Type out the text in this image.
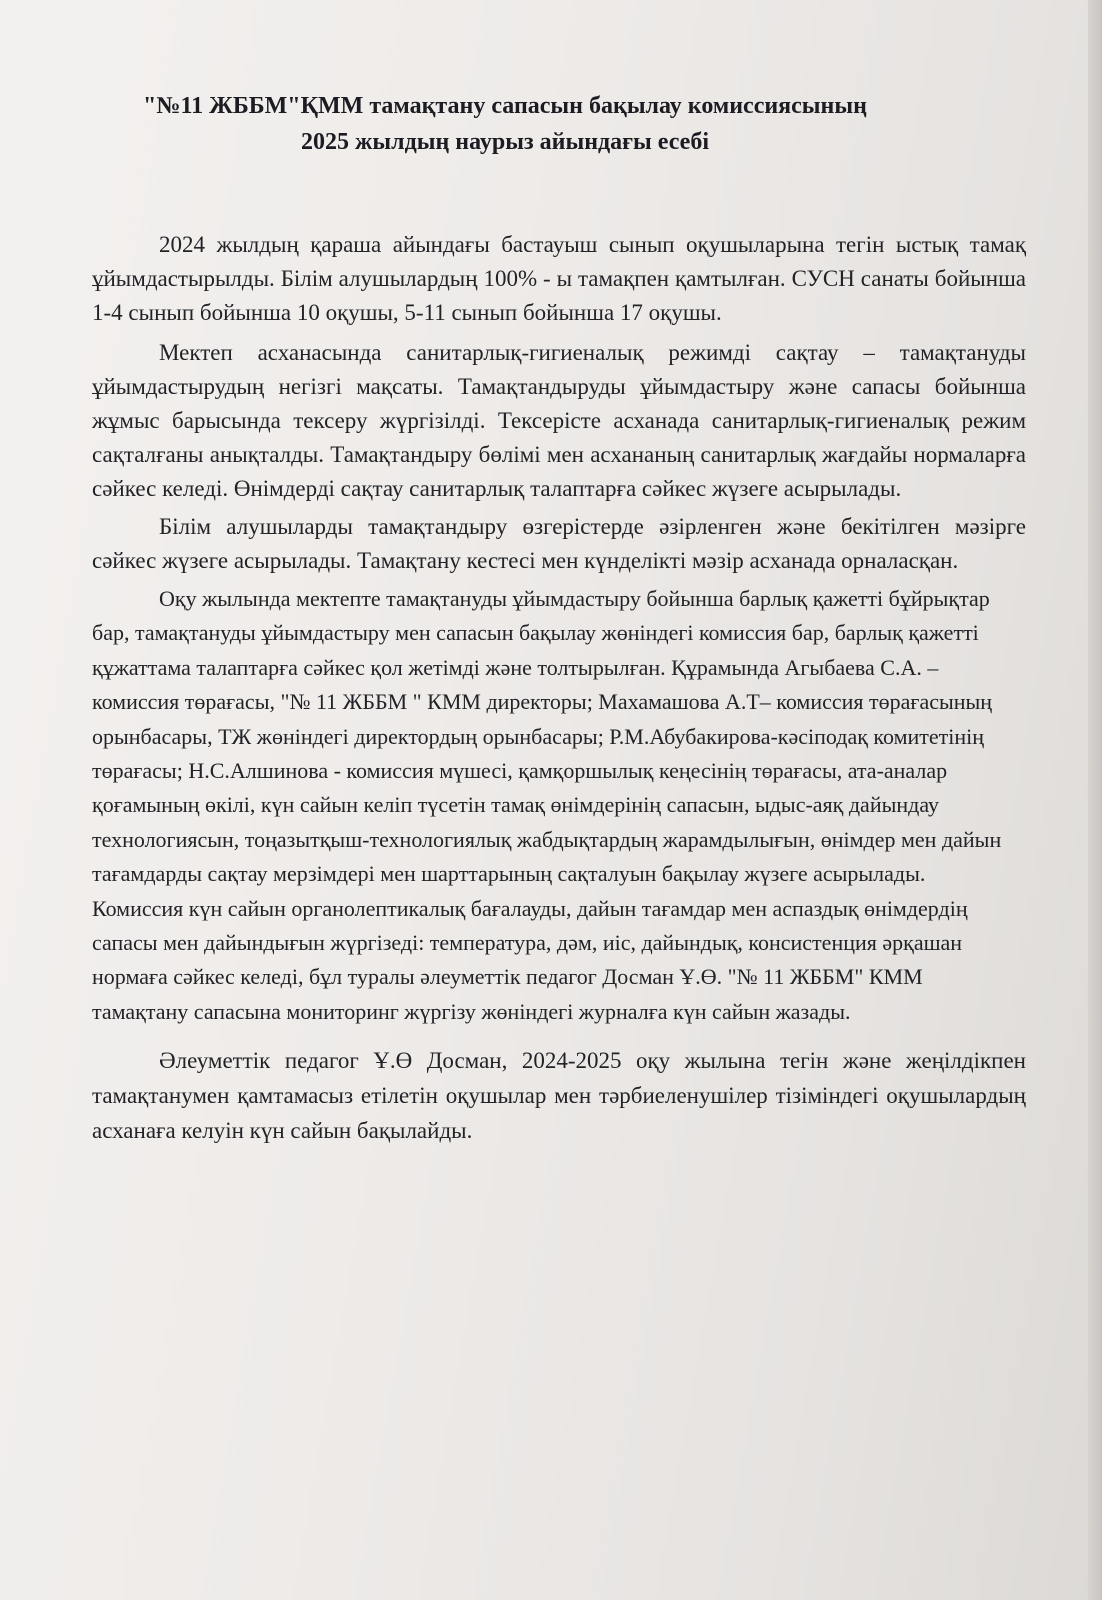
"№11 ЖББМ"ҚММ тамақтану сапасын бақылау комиссиясының
2025 жылдың наурыз айындағы есебі

2024 жылдың қараша айындағы бастауыш сынып оқушыларына тегін ыстық тамақ ұйымдастырылды. Білім алушылардың 100% - ы тамақпен қамтылған. СУСН санаты бойынша 1-4 сынып бойынша 10 оқушы, 5-11 сынып бойынша 17 оқушы.

Мектеп асханасында санитарлық-гигиеналық режимді сақтау – тамақтануды ұйымдастырудың негізгі мақсаты. Тамақтандыруды ұйымдастыру және сапасы бойынша жұмыс барысында тексеру жүргізілді. Тексерісте асханада санитарлық-гигиеналық режим сақталғаны анықталды. Тамақтандыру бөлімі мен асхананың санитарлық жағдайы нормаларға сәйкес келеді. Өнімдерді сақтау санитарлық талаптарға сәйкес жүзеге асырылады.

Білім алушыларды тамақтандыру өзгерістерде әзірленген және бекітілген мәзірге сәйкес жүзеге асырылады. Тамақтану кестесі мен күнделікті мәзір асханада орналасқан.

Оқу жылында мектепте тамақтануды ұйымдастыру бойынша барлық қажетті бұйрықтар бар, тамақтануды ұйымдастыру мен сапасын бақылау жөніндегі комиссия бар, барлық қажетті құжаттама талаптарға сәйкес қол жетімді және толтырылған. Құрамында Агыбаева С.А. – комиссия төрағасы, "№ 11 ЖББМ " КММ директоры; Махамашова А.Т– комиссия төрағасының орынбасары, ТЖ жөніндегі директордың орынбасары; Р.М.Абубакирова-кәсіподақ комитетінің төрағасы; Н.С.Алшинова - комиссия мүшесі, қамқоршылық кеңесінің төрағасы, ата-аналар қоғамының өкілі, күн сайын келіп түсетін тамақ өнімдерінің сапасын, ыдыс-аяқ дайындау технологиясын, тоңазытқыш-технологиялық жабдықтардың жарамдылығын, өнімдер мен дайын тағамдарды сақтау мерзімдері мен шарттарының сақталуын бақылау жүзеге асырылады. Комиссия күн сайын органолептикалық бағалауды, дайын тағамдар мен аспаздық өнімдердің сапасы мен дайындығын жүргізеді: температура, дәм, иіс, дайындық, консистенция әрқашан нормаға сәйкес келеді, бұл туралы әлеуметтік педагог Досман Ұ.Ө. "№ 11 ЖББМ" КММ тамақтану сапасына мониторинг жүргізу жөніндегі журналға күн сайын жазады.

Әлеуметтік педагог Ұ.Ө Досман, 2024-2025 оқу жылына тегін және жеңілдікпен тамақтанумен қамтамасыз етілетін оқушылар мен тәрбиеленушілер тізіміндегі оқушылардың асханаға келуін күн сайын бақылайды.
